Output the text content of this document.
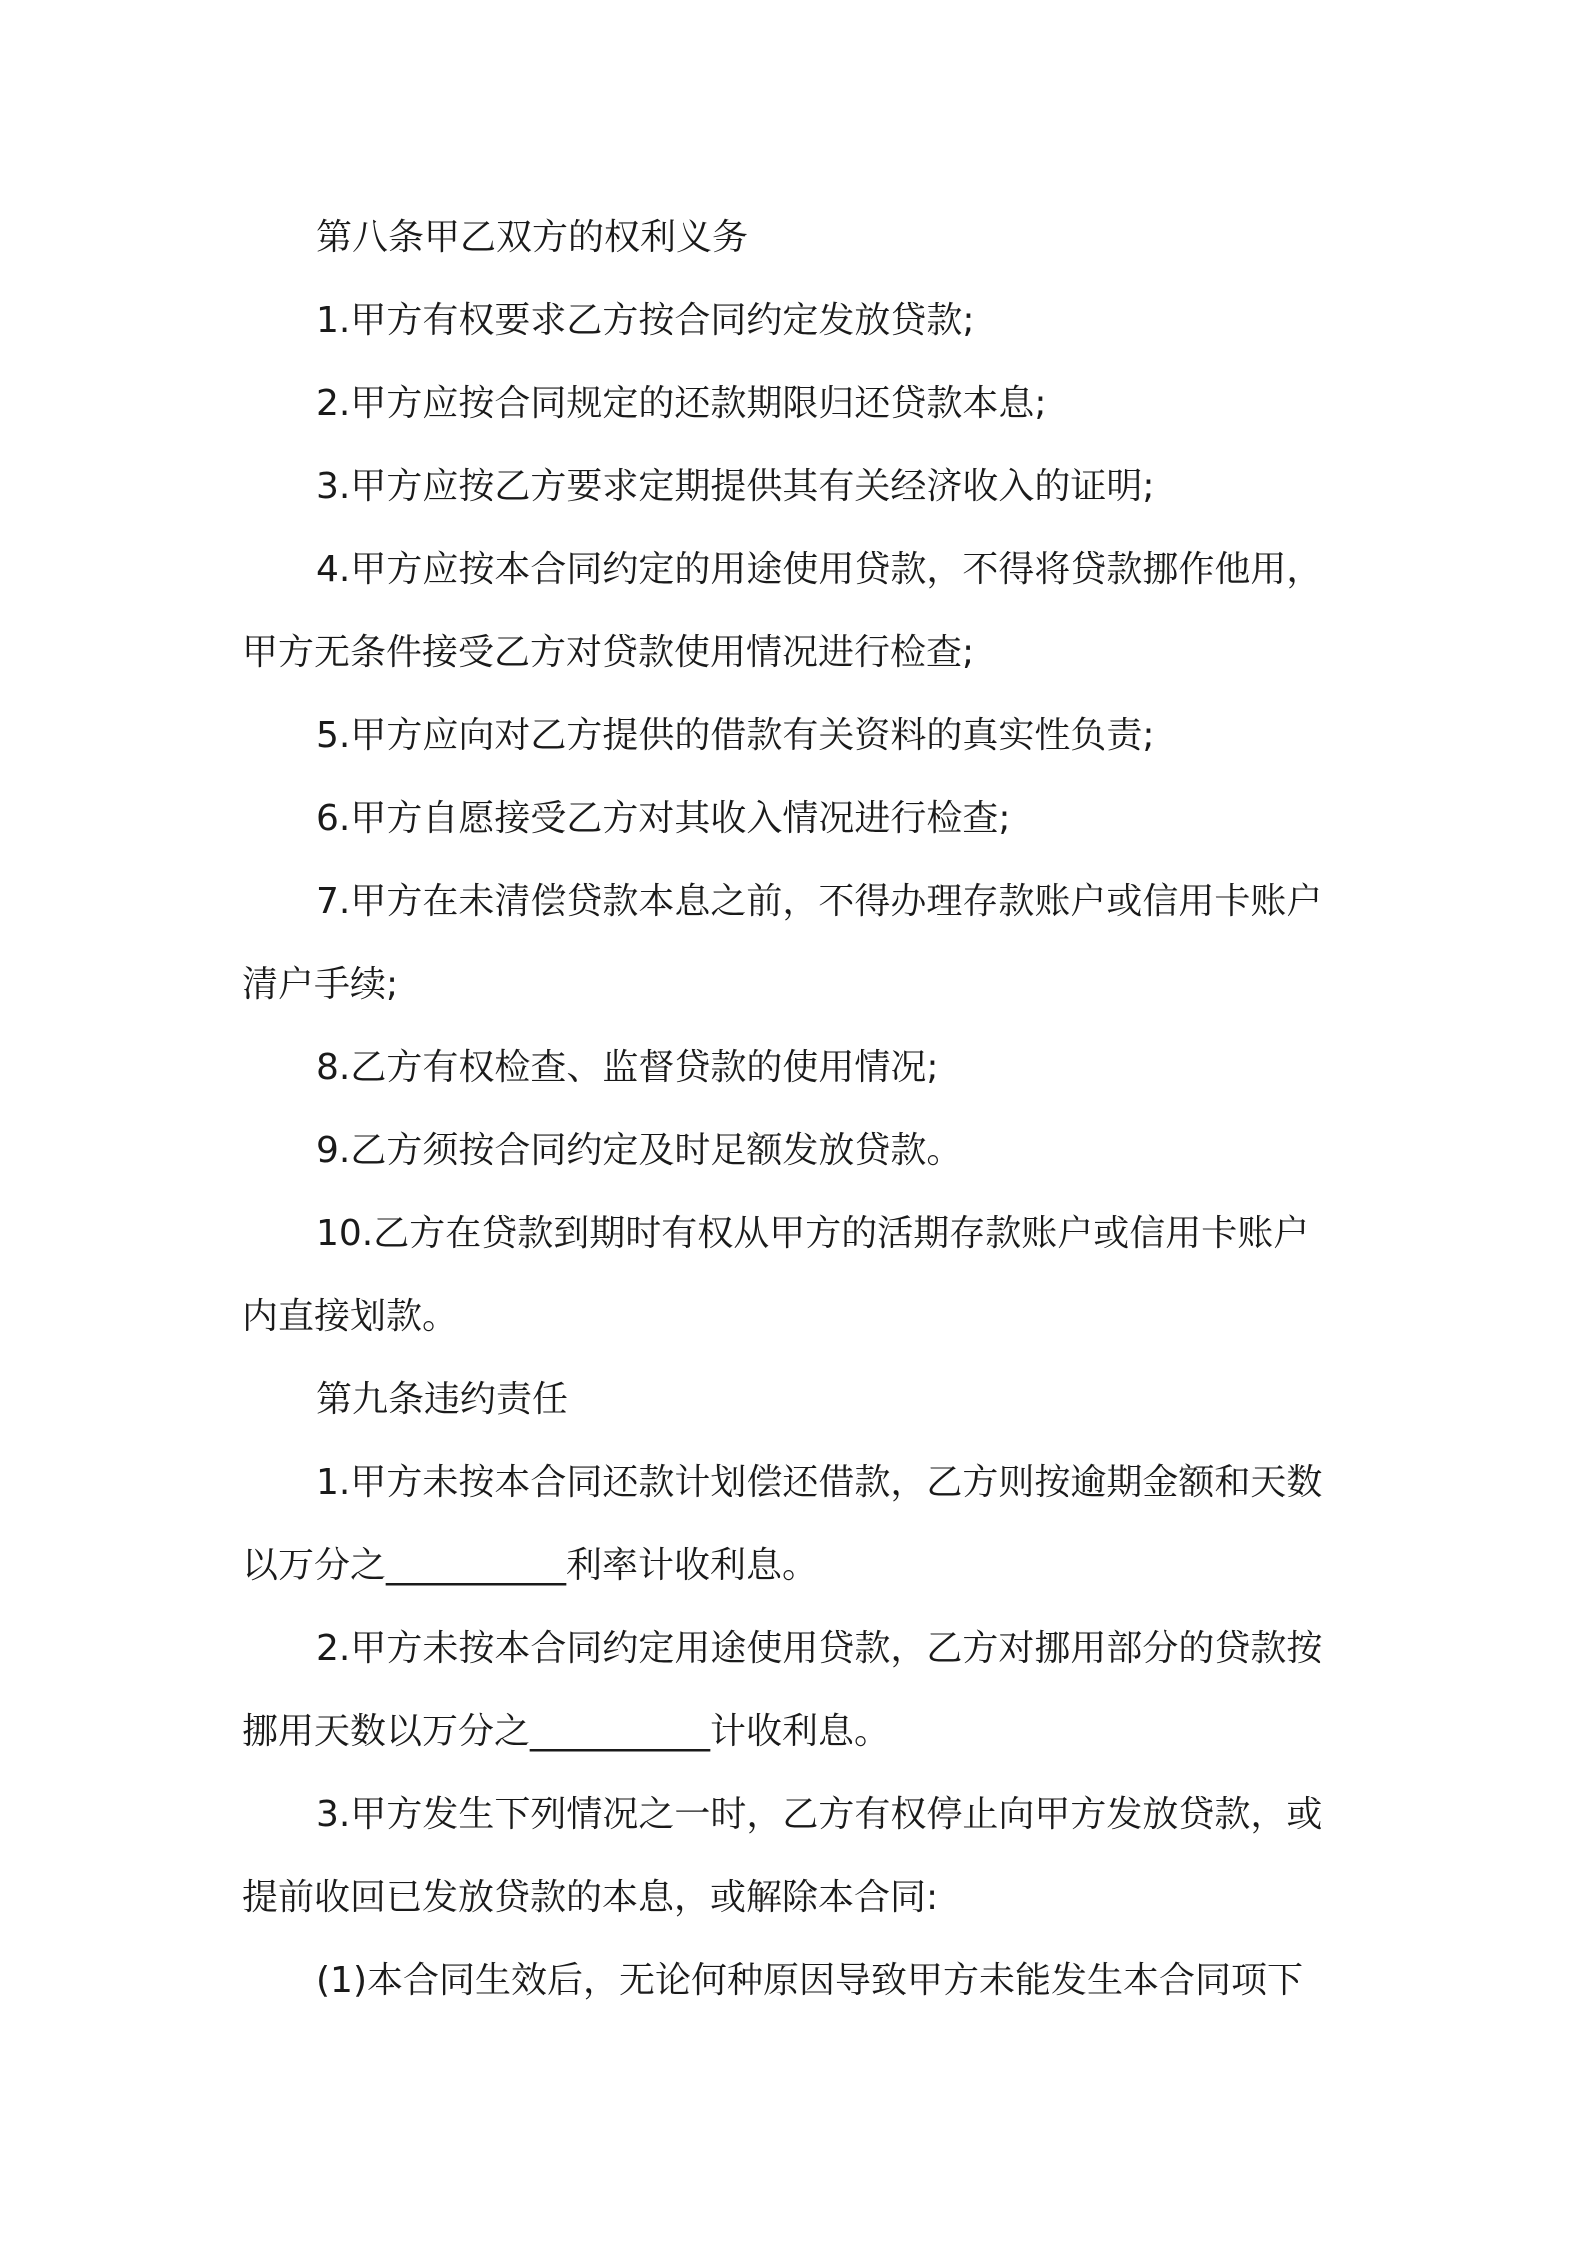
第八条甲乙双方的权利义务
1.甲方有权要求乙方按合同约定发放贷款;
2.甲方应按合同规定的还款期限归还贷款本息;
3.甲方应按乙方要求定期提供其有关经济收入的证明;
4.甲方应按本合同约定的用途使用贷款，不得将贷款挪作他用，
甲方无条件接受乙方对贷款使用情况进行检查;
5.甲方应向对乙方提供的借款有关资料的真实性负责;
6.甲方自愿接受乙方对其收入情况进行检查;
7.甲方在未清偿贷款本息之前，不得办理存款账户或信用卡账户
清户手续;
8.乙方有权检查、监督贷款的使用情况;
9.乙方须按合同约定及时足额发放贷款。
10.乙方在贷款到期时有权从甲方的活期存款账户或信用卡账户
内直接划款。
第九条违约责任
1.甲方未按本合同还款计划偿还借款，乙方则按逾期金额和天数
以万分之__________利率计收利息。
2.甲方未按本合同约定用途使用贷款，乙方对挪用部分的贷款按
挪用天数以万分之__________计收利息。
3.甲方发生下列情况之一时，乙方有权停止向甲方发放贷款，或
提前收回已发放贷款的本息，或解除本合同:
(1)本合同生效后，无论何种原因导致甲方未能发生本合同项下
